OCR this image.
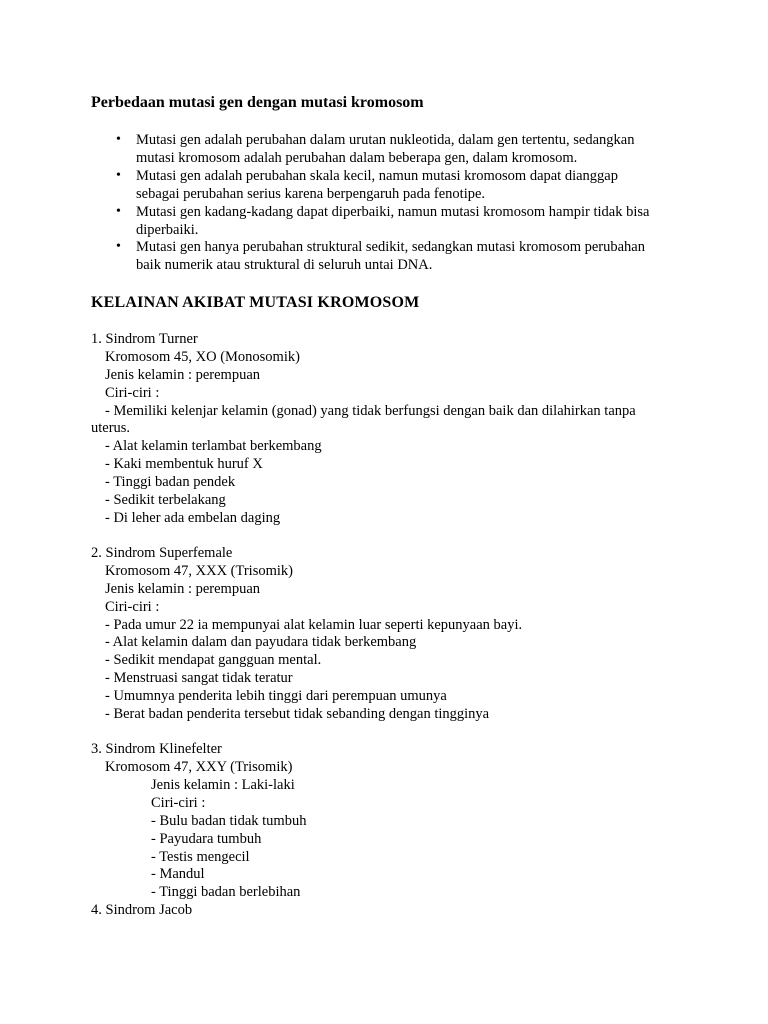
Perbedaan mutasi gen dengan mutasi kromosom
• Mutasi gen adalah perubahan dalam urutan nukleotida, dalam gen tertentu, sedangkan
mutasi kromosom adalah perubahan dalam beberapa gen, dalam kromosom.
• Mutasi gen adalah perubahan skala kecil, namun mutasi kromosom dapat dianggap
sebagai perubahan serius karena berpengaruh pada fenotipe.
• Mutasi gen kadang-kadang dapat diperbaiki, namun mutasi kromosom hampir tidak bisa
diperbaiki.
• Mutasi gen hanya perubahan struktural sedikit, sedangkan mutasi kromosom perubahan
baik numerik atau struktural di seluruh untai DNA.
KELAINAN AKIBAT MUTASI KROMOSOM
1. Sindrom Turner
Kromosom 45, XO (Monosomik)
Jenis kelamin : perempuan
Ciri-ciri :
- Memiliki kelenjar kelamin (gonad) yang tidak berfungsi dengan baik dan dilahirkan tanpa
uterus.
- Alat kelamin terlambat berkembang
- Kaki membentuk huruf X
- Tinggi badan pendek
- Sedikit terbelakang
- Di leher ada embelan daging
2. Sindrom Superfemale
Kromosom 47, XXX (Trisomik)
Jenis kelamin : perempuan
Ciri-ciri :
- Pada umur 22 ia mempunyai alat kelamin luar seperti kepunyaan bayi.
- Alat kelamin dalam dan payudara tidak berkembang
- Sedikit mendapat gangguan mental.
- Menstruasi sangat tidak teratur
- Umumnya penderita lebih tinggi dari perempuan umunya
- Berat badan penderita tersebut tidak sebanding dengan tingginya
3. Sindrom Klinefelter
Kromosom 47, XXY (Trisomik)
Jenis kelamin : Laki-laki
Ciri-ciri :
- Bulu badan tidak tumbuh
- Payudara tumbuh
- Testis mengecil
- Mandul
- Tinggi badan berlebihan
4. Sindrom Jacob
